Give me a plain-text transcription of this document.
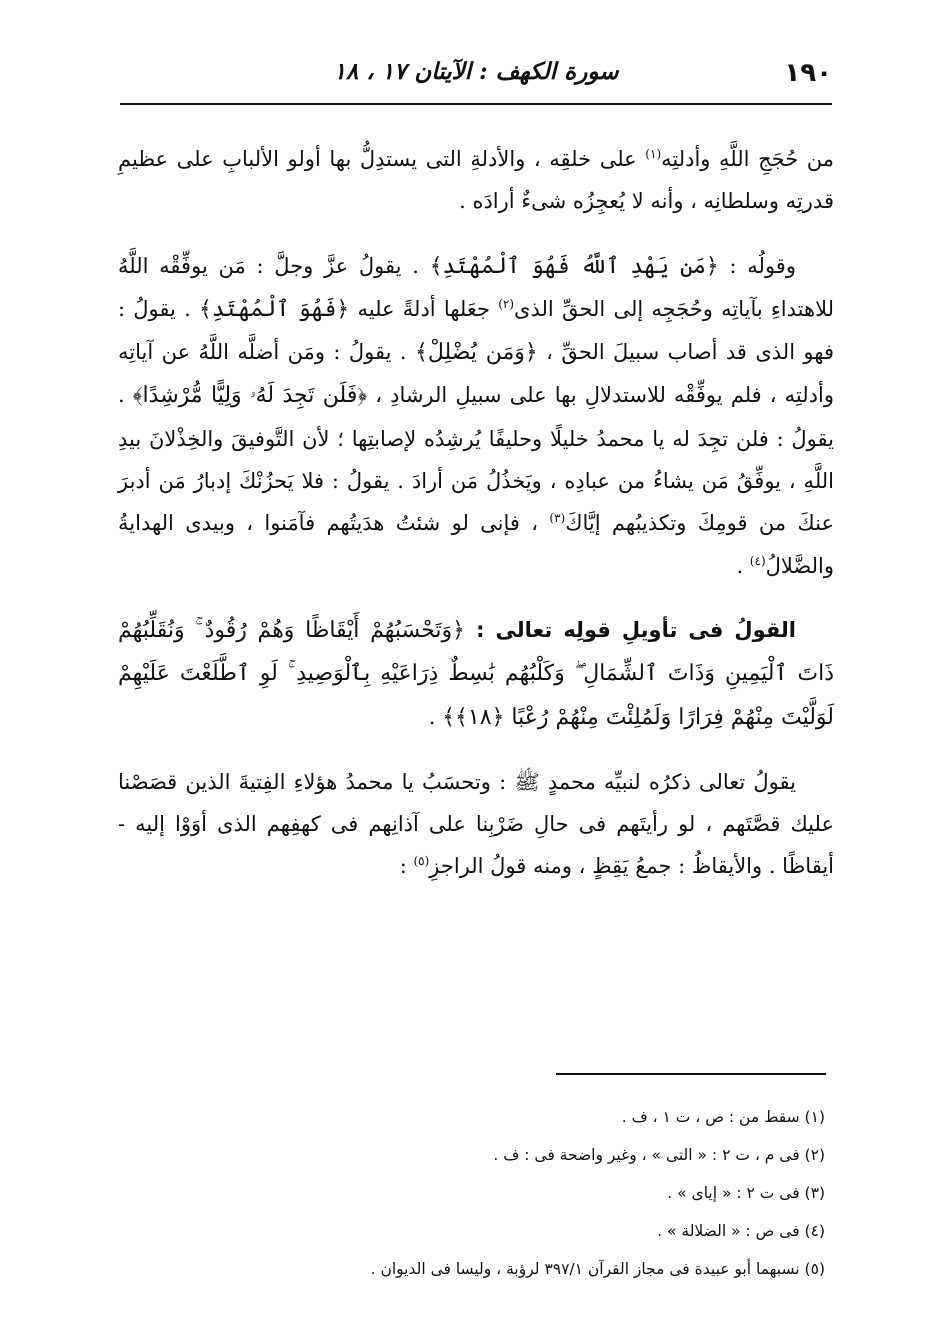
١٩٠
سورة الكهف : الآيتان ١٧ ، ١٨

من حُجَجِ اللَّهِ وأدلتِه$^{(١)}$ على خلقِه ، والأدلةِ التى يستدِلُّ بها أولو الألبابِ على عظيمِ قدرتِه وسلطانِه ، وأنه لا يُعجِزُه شىءٌ أرادَه .

وقولُه : ﴿مَن يَهْدِ ٱللَّهُ فَهُوَ ٱلْمُهْتَدِ﴾ . يقولُ عزَّ وجلَّ : مَن يوفِّقْه اللَّهُ للاهتداءِ بآياتِه وحُجَجِه إلى الحقِّ الذى$^{(٢)}$ جعَلها أدلةً عليه ﴿فَهُوَ ٱلْمُهْتَدِ﴾ . يقولُ : فهو الذى قد أصاب سبيلَ الحقِّ ، ﴿وَمَن يُضْلِلْ﴾ . يقولُ : ومَن أضلَّه اللَّهُ عن آياتِه وأدلتِه ، فلم يوفِّقْه للاستدلالِ بها على سبيلِ الرشادِ ، ﴿فَلَن تَجِدَ لَهُۥ وَلِيًّا مُّرْشِدًا﴾ . يقولُ : فلن تجِدَ له يا محمدُ خليلًا وحليفًا يُرشِدُه لإصابتِها ؛ لأن التَّوفيقَ والخِذْلانَ بيدِ اللَّهِ ، يوفِّقُ مَن يشاءُ من عبادِه ، ويَخذُلُ مَن أرادَ . يقولُ : فلا يَحزُنْكَ إدبارُ مَن أدبرَ عنكَ من قومِكَ وتكذيبُهم إيَّاكَ$^{(٣)}$ ، فإنى لو شئتُ هدَيتُهم فآمَنوا ، وبيدى الهدايةُ والضَّلالُ$^{(٤)}$ .

القولُ فى تأويلِ قولِه تعالى : ﴿وَتَحْسَبُهُمْ أَيْقَاظًا وَهُمْ رُقُودٌ ۚ وَنُقَلِّبُهُمْ ذَاتَ ٱلْيَمِينِ وَذَاتَ ٱلشِّمَالِ ۖ وَكَلْبُهُم بَٰسِطٌ ذِرَاعَيْهِ بِٱلْوَصِيدِ ۚ لَوِ ٱطَّلَعْتَ عَلَيْهِمْ لَوَلَّيْتَ مِنْهُمْ فِرَارًا وَلَمُلِئْتَ مِنْهُمْ رُعْبًا ﴿١٨﴾﴾ .

يقولُ تعالى ذكرُه لنبيِّه محمدٍ ﷺ : وتحسَبُ يا محمدُ هؤلاءِ الفِتيةَ الذين قصَصْنا عليك قصَّتَهم ، لو رأيتَهم فى حالِ ضَرْبِنا على آذانِهم فى كهفِهم الذى أوَوْا إليه - أيقاظًا . والأيقاظُ : جمعُ يَقِظٍ ، ومنه قولُ الراجزِ$^{(٥)}$ :

(١) سقط من : ص ، ت ١ ، ف .
(٢) فى م ، ت ٢ : « التى » ، وغير واضحة فى : ف .
(٣) فى ت ٢ : « إياى » .
(٤) فى ص : « الضلالة » .
(٥) نسبهما أبو عبيدة فى مجاز القرآن ٣٩٧/١ لرؤبة ، وليسا فى الديوان .
